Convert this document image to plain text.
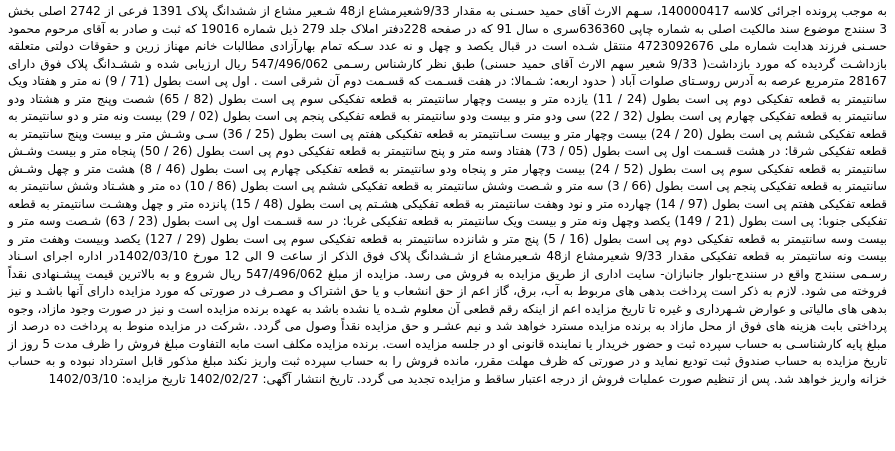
به موجب پرونده اجرائی کلاسه 140000417، سـهم الارث آقای حمید حسـنی به مقدار 9/33شعیرمشاع از48 شـعیر مشاع از ششدانگ پلاک 1391 فرعی از 2742 اصلی بخش 3 سنندج موضوع سند مالکیت اصلی به شماره چاپی 636360سری ه سال 91 که در صفحه 228دفتر املاک جلد 279 ذیل شماره 19016 که ثبت و صادر به آقای مرحوم محمود حسـنی فرزند هدایت شماره ملی 4723092676 منتقل شـده است در قبال یکصد و چهل و نه عدد سـکه تمام بهارآزادی مطالبات خانم مهناز زرین و حقوقات دولتی متعلقه بازداشـت گردیده که مورد بازداشت( 9/33 شعیر سهم الارث آقای حمید حسنی) طبق نظر کارشناس رسـمی 547/496/062 ریال ارزیابی شده و ششـدانگ پلاک فوق دارای 28167 مترمربع عرصه به آدرس روسـتای صلوات آباد ( حدود اربعه: شـمالا: در هفت قسـمت که قسـمت دوم آن شرقی است . اول پی است بطول (71 / 9) نه متر و هفتاد ویک سانتیمتر به قطعه تفکیکی دوم پی است بطول (24 / 11) یازده متر و بیست وچهار سانتیمتر به قطعه تفکیکی سوم پی است بطول (82 / 65) شصت وپنج متر و هشتاد ودو سانتیمتر به قطعه تفکیکی چهارم پی است بطول (32 / 22) سی ودو متر و بیست ودو سانتیمتر به قطعه تفکیکی پنجم پی است بطول (02 / 29) بیست ونه متر و دو سانتیمتر به قطعه تفکیکی ششم پی است بطول (20 / 24) بیست وچهار متر و بیست سـانتیمتر به قطعه تفکیکی هفتم پی است بطول (25 / 36) سـی وشـش متر و بیست وپنج سانتیمتر به قطعه تفکیکی شرقا: در هشت قسـمت اول پی است بطول (05 / 73) هفتاد وسه متر و پنج سانتیمتر به قطعه تفکیکی دوم پی است بطول (26 / 50) پنجاه متر و بیست وشـش سانتیمتر به قطعه تفکیکی سوم پی است بطول (52 / 24) بیست وچهار متر و پنجاه ودو سانتیمتر به قطعه تفکیکی چهارم پی است بطول (46 / 8) هشت متر و چهل وشـش سانتیمتر به قطعه تفکیکی پنجم پی است بطول (66 / 3) سه متر و شـصت وشش سانتیمتر به قطعه تفکیکی ششم پی است بطول (86 / 10) ده متر و هشـتاد وشش سانتیمتر به قطعه تفکیکی هفتم پی است بطول (97 / 14) چهارده متر و نود وهفت سانتیمتر به قطعه تفکیکی هشـتم پی است بطول (48 / 15) پانزده متر و چهل وهشـت سانتیمتر به قطعه تفکیکی جنوبا: پی است بطول (21 / 149) یکصد وچهل ونه متر و بیست ویک سانتیمتر به قطعه تفکیکی غربا: در سه قسـمت اول پی است بطول (23 / 63) شـصت وسه متر و بیست وسه سانتیمتر به قطعه تفکیکی دوم پی است بطول (16 / 5) پنج متر و شانزده سانتیمتر به قطعه تفکیکی سوم پی است بطول (29 / 127) یکصد وبیست وهفت متر و بیست ونه سانتیمتر به قطعه تفکیکی مقدار 9/33 شعیرمشاع از48 شـعیرمشاع از شـشدانگ پلاک فوق الذکر از ساعت 9 الی 12 مورخ 1402/03/10در اداره اجرای اسـناد رسـمی سنندج واقع در سنندج-بلوار جانبازان- سایت اداری از طریق مزایده به فروش می رسد. مزایده از مبلغ 547/496/062 ریال شروع و به بالاترین قیمت پیشـنهادی نقداً فروخته می شود. لازم به ذکر است پرداخت بدهی های مربوط به آب، برق، گاز اعم از حق انشعاب و یا حق اشتراک و مصـرف در صورتی که مورد مزایده دارای آنها باشـد و نیز بدهی های مالیاتی و عوارض شـهرداری و غیره تا تاریخ مزایده اعم از اینکه رقم قطعی آن معلوم شـده یا نشده باشد به عهده برنده مزایده است و نیز در صورت وجود مازاد، وجوه پرداختی بابت هزینه های فوق از محل مازاد به برنده مزایده مسترد خواهد شد و نیم عشـر و حق مزایده نقداً وصول می گردد. ،شرکت در مزایده منوط به پرداخت ده درصد از مبلغ پایه کارشناسـی به حساب سپرده ثبت و حضور خریدار یا نماینده قانونی او در جلسه مزایده است. برنده مزایده مکلف است مابه التفاوت مبلغ فروش را ظرف مدت 5 روز از تاریخ مزایده به حساب صندوق ثبت تودیع نماید و در صورتی که ظرف مهلت مقرر، مانده فروش را به حساب سپرده ثبت واریز نکند مبلغ مذکور قابل استرداد نبوده و به حساب خزانه واریز خواهد شد. پس از تنظیم صورت عملیات فروش از درجه اعتبار ساقط و مزایده تجدید می گردد. تاریخ انتشار آگهی: 1402/02/27 تاریخ مزایده: 1402/03/10
